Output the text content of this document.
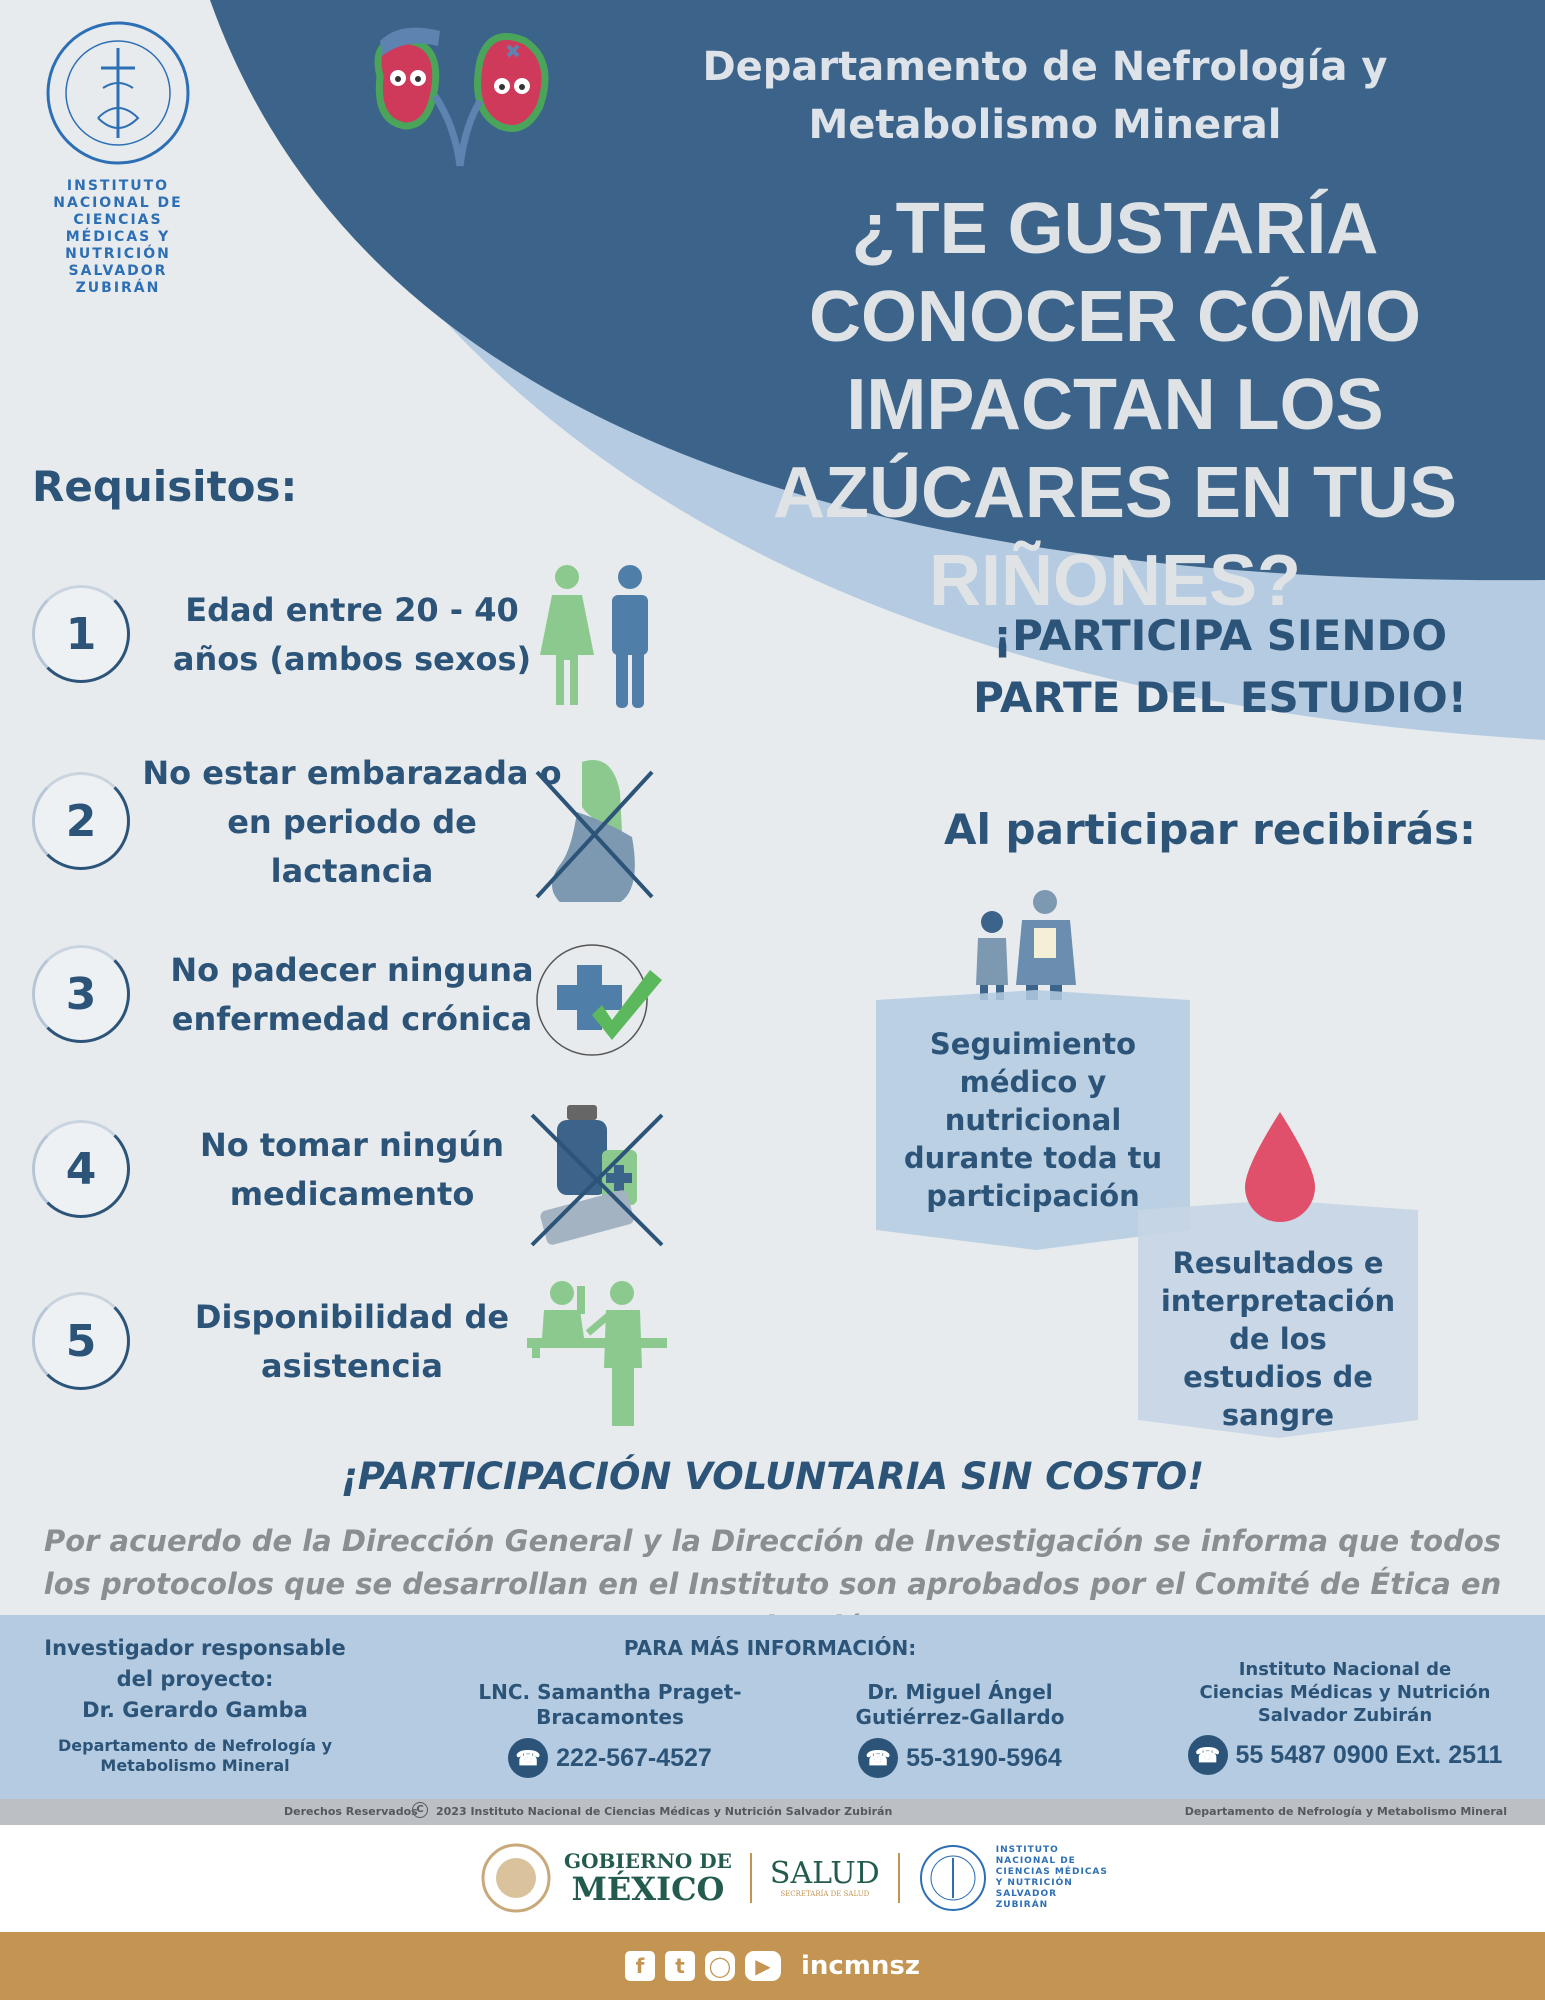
INSTITUTO NACIONAL DE CIENCIAS MÉDICAS Y NUTRICIÓN SALVADOR ZUBIRÁN
Departamento de Nefrología y Metabolismo Mineral
¿TE GUSTARÍA CONOCER CÓMO IMPACTAN LOS AZÚCARES EN TUS RIÑONES?
¡PARTICIPA SIENDO PARTE DEL ESTUDIO!
Requisitos:
1	Edad entre 20 - 40 años (ambos sexos)
2
No estar embarazada o en periodo de lactancia
3	No padecer ninguna enfermedad crónica
4	No tomar ningún medicamento
5	Disponibilidad de asistencia
Al participar recibirás:
Seguimiento médico y nutricional durante toda tu participación
Resultados e interpretación de los estudios de sangre
¡PARTICIPACIÓN VOLUNTARIA SIN COSTO!
Por acuerdo de la Dirección General y la Dirección de Investigación se informa que todos los protocolos que se desarrollan en el Instituto son aprobados por el Comité de Ética en
Investigador responsable del proyecto:
Dr. Gerardo Gamba
Departamento de Nefrología y Metabolismo Mineral
PARA MÁS INFORMACIÓN:
LNC. Samantha Praget-Bracamontes
☎ 222-567-4527
Dr. Miguel Ángel Gutiérrez-Gallardo
☎ 55-3190-5964
Instituto Nacional de Ciencias Médicas y Nutrición Salvador Zubirán
☎ 55 5487 0900 Ext. 2511
Derechos Reservados
C	2023 Instituto Nacional de Ciencias Médicas y Nutrición Salvador Zubirán	Departamento de Nefrología y Metabolismo Mineral
GOBIERNO DE
MÉXICO SALUD
SECRETARÍA DE SALUD
INSTITUTO NACIONAL DE CIENCIAS MÉDICAS Y NUTRICIÓN SALVADOR ZUBIRÁN
f	t	◯	▶	incmnsz
